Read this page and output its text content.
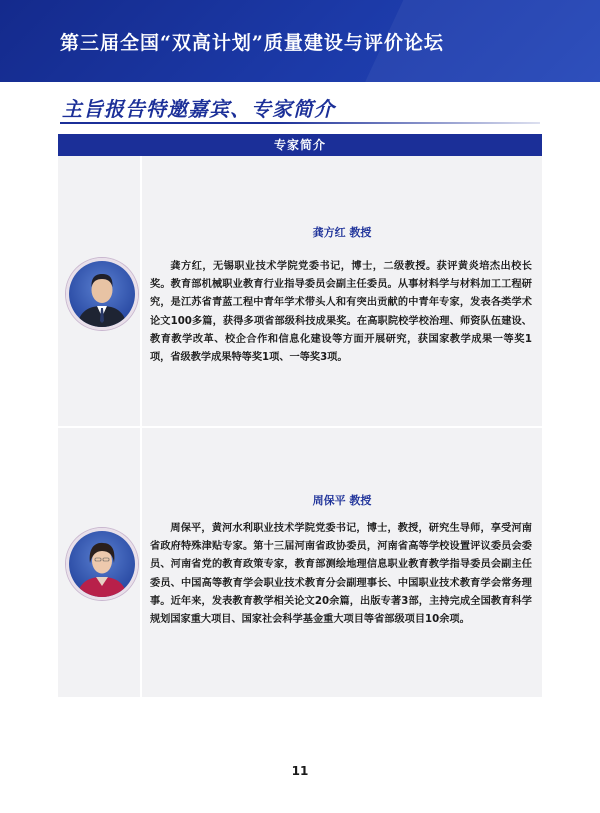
第三届全国“双高计划”质量建设与评价论坛
主旨报告特邀嘉宾、专家简介
专家简介
龚方红 教授
龚方红，无锡职业技术学院党委书记，博士，二级教授。获评黄炎培杰出校长奖。教育部机械职业教育行业指导委员会副主任委员。从事材料学与材料加工工程研究，是江苏省青蓝工程中青年学术带头人和有突出贡献的中青年专家，发表各类学术论文100多篇，获得多项省部级科技成果奖。在高职院校学校治理、师资队伍建设、教育教学改革、校企合作和信息化建设等方面开展研究，获国家教学成果一等奖1项，省级教学成果特等奖1项、一等奖3项。
周保平 教授
周保平，黄河水利职业技术学院党委书记，博士，教授，研究生导师，享受河南省政府特殊津贴专家。第十三届河南省政协委员，河南省高等学校设置评议委员会委员、河南省党的教育政策专家，教育部测绘地理信息职业教育教学指导委员会副主任委员、中国高等教育学会职业技术教育分会副理事长、中国职业技术教育学会常务理事。近年来，发表教育教学相关论文20余篇，出版专著3部，主持完成全国教育科学规划国家重大项目、国家社会科学基金重大项目等省部级项目10余项。
11
